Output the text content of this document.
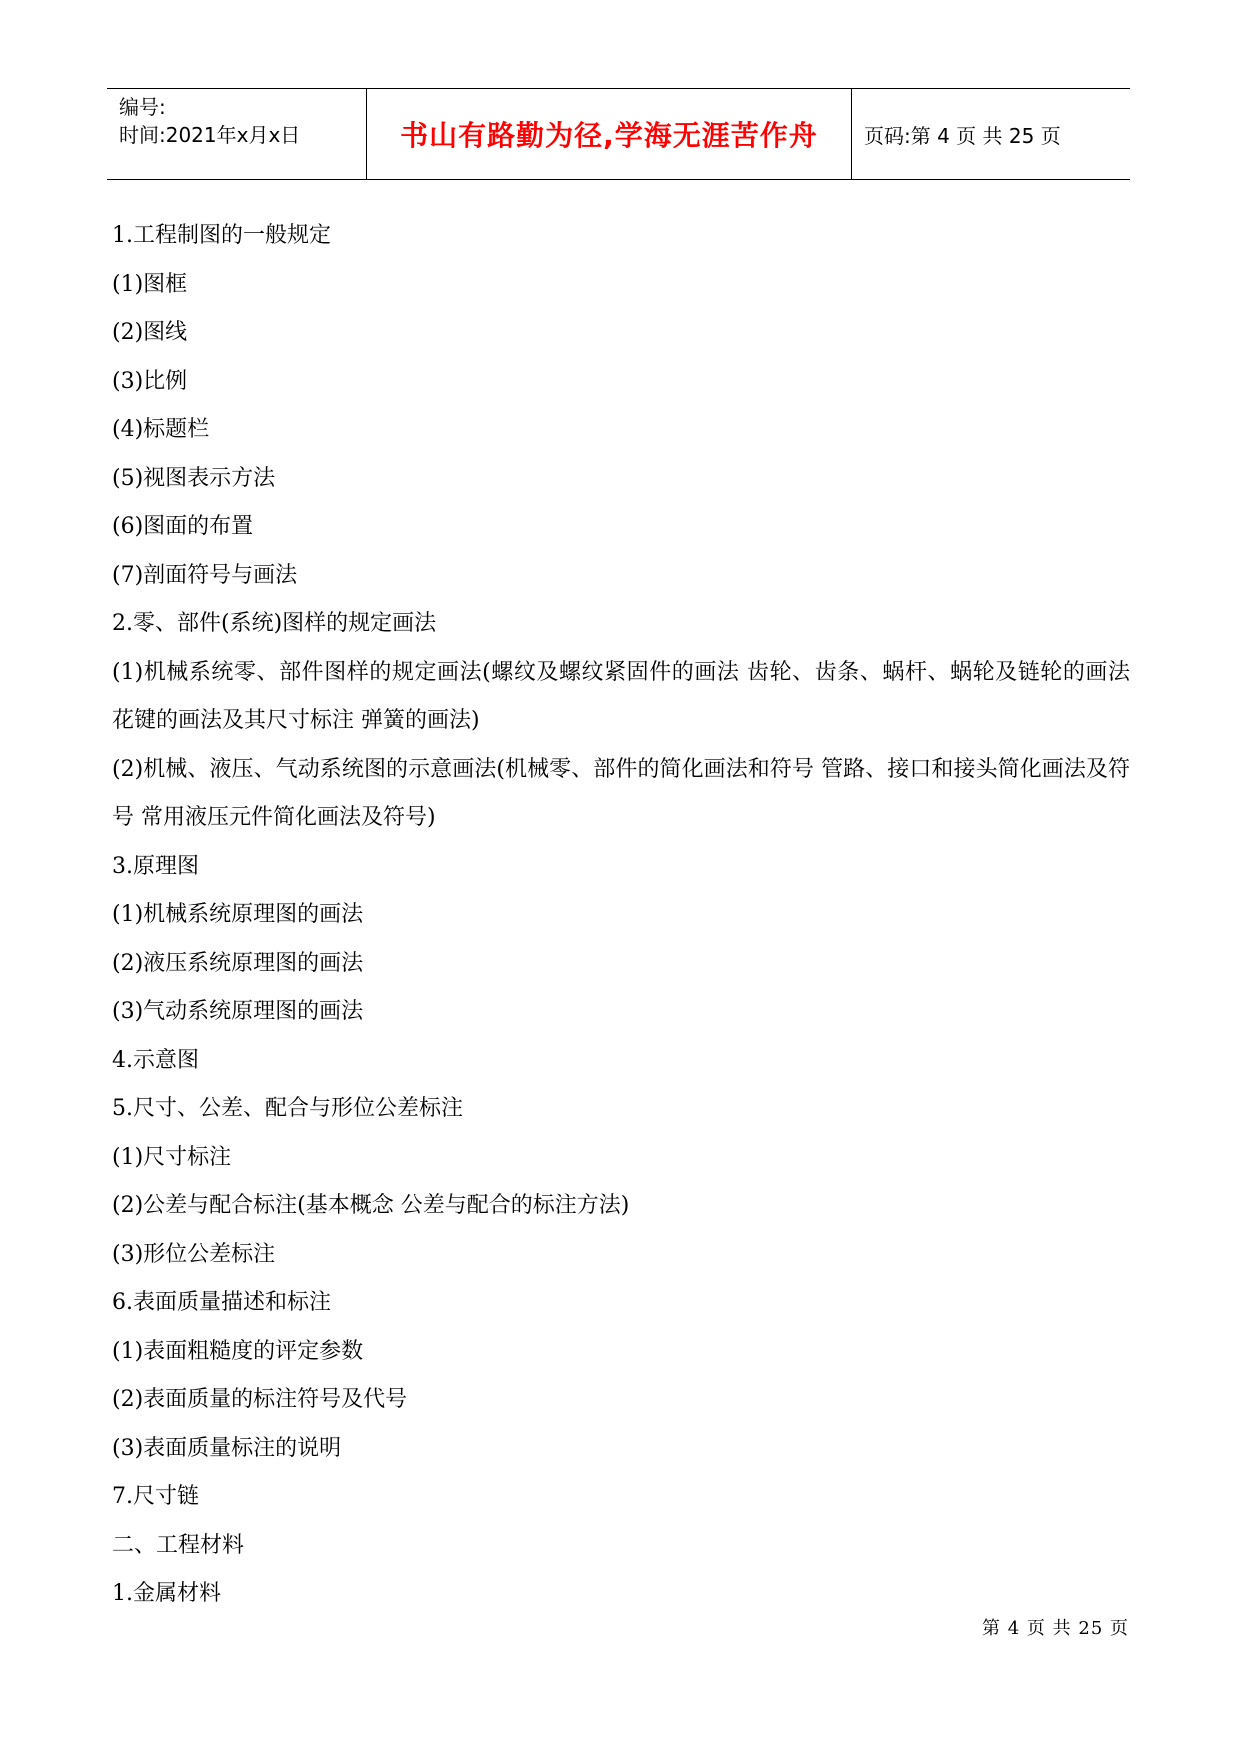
编号:
时间:2021年x月x日	书山有路勤为径,学海无涯苦作舟	页码:第 4 页 共 25 页

1.工程制图的一般规定

(1)图框

(2)图线

(3)比例

(4)标题栏

(5)视图表示方法

(6)图面的布置

(7)剖面符号与画法

2.零、部件(系统)图样的规定画法

(1)机械系统零、部件图样的规定画法(螺纹及螺纹紧固件的画法 齿轮、齿条、蜗杆、蜗轮及链轮的画法 花键的画法及其尺寸标注 弹簧的画法)

(2)机械、液压、气动系统图的示意画法(机械零、部件的简化画法和符号 管路、接口和接头简化画法及符号 常用液压元件简化画法及符号)

3.原理图

(1)机械系统原理图的画法

(2)液压系统原理图的画法

(3)气动系统原理图的画法

4.示意图

5.尺寸、公差、配合与形位公差标注

(1)尺寸标注

(2)公差与配合标注(基本概念 公差与配合的标注方法)

(3)形位公差标注

6.表面质量描述和标注

(1)表面粗糙度的评定参数

(2)表面质量的标注符号及代号

(3)表面质量标注的说明

7.尺寸链

二、工程材料

1.金属材料

第 4 页 共 25 页
